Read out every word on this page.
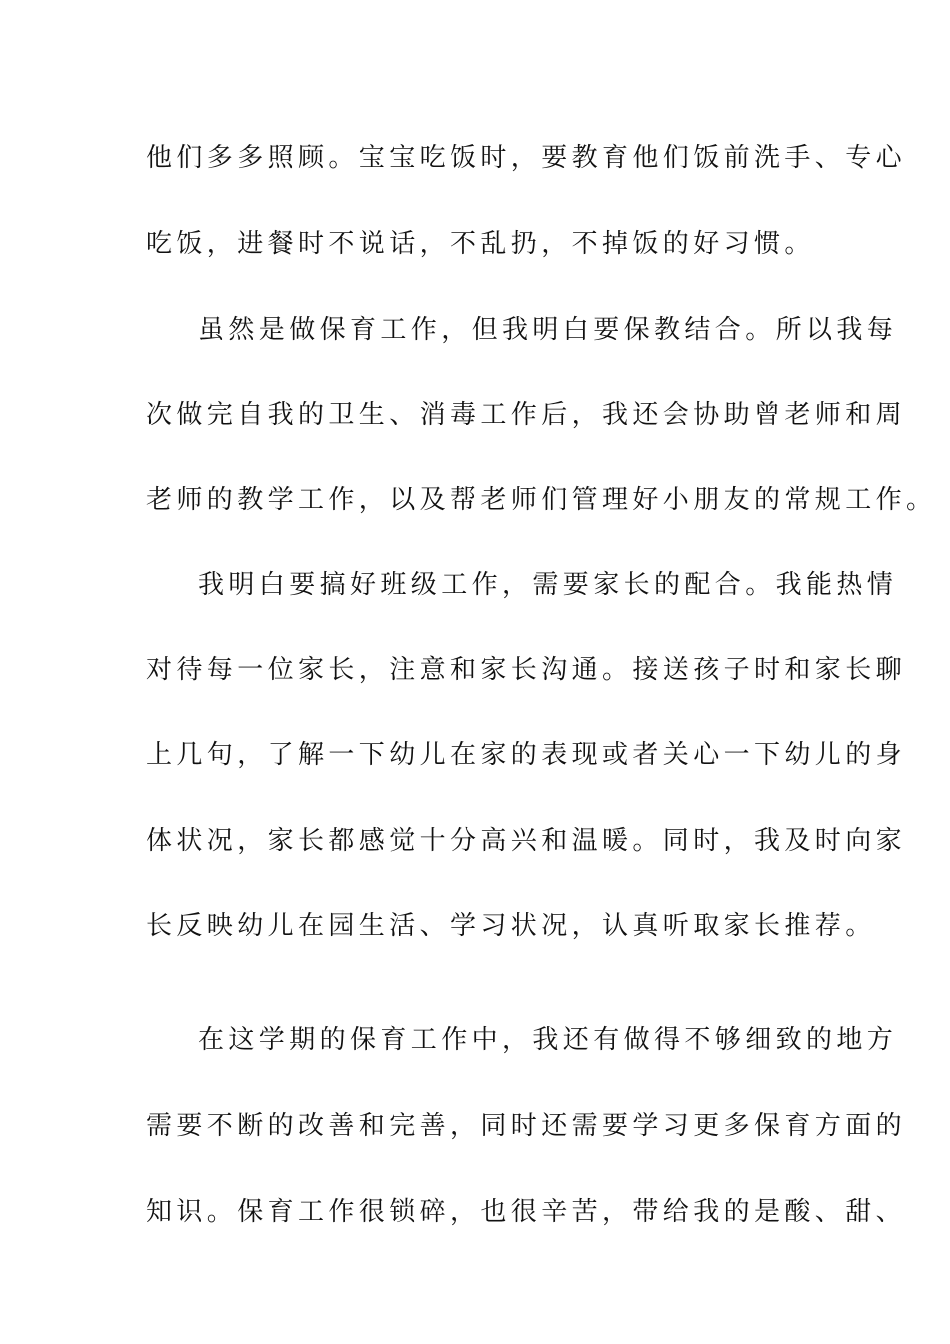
他们多多照顾。宝宝吃饭时，要教育他们饭前洗手、专心
吃饭，进餐时不说话，不乱扔，不掉饭的好习惯。
虽然是做保育工作，但我明白要保教结合。所以我每
次做完自我的卫生、消毒工作后，我还会协助曾老师和周
老师的教学工作，以及帮老师们管理好小朋友的常规工作。
我明白要搞好班级工作，需要家长的配合。我能热情
对待每一位家长，注意和家长沟通。接送孩子时和家长聊
上几句，了解一下幼儿在家的表现或者关心一下幼儿的身
体状况，家长都感觉十分高兴和温暖。同时，我及时向家
长反映幼儿在园生活、学习状况，认真听取家长推荐。
在这学期的保育工作中，我还有做得不够细致的地方
需要不断的改善和完善，同时还需要学习更多保育方面的
知识。保育工作很锁碎，也很辛苦，带给我的是酸、甜、
